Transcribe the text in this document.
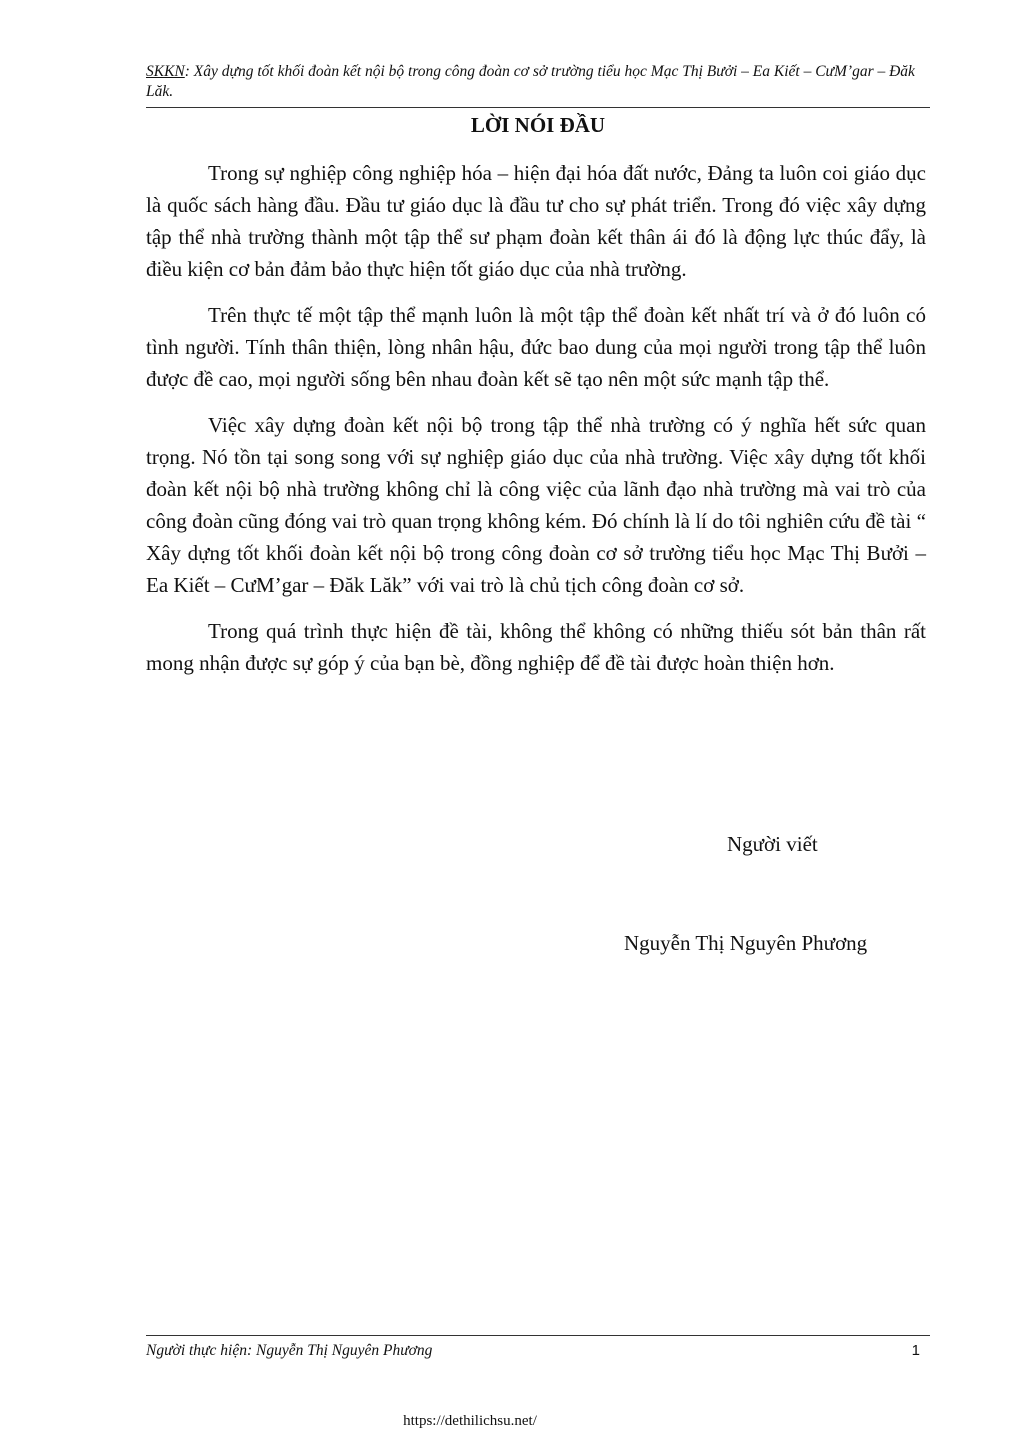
SKKN: Xây dựng tốt khối đoàn kết nội bộ trong công đoàn cơ sở trường tiểu học Mạc Thị Bưởi – Ea Kiết – CưM’gar – Đăk Lăk.
LỜI NÓI ĐẦU

Trong sự nghiệp công nghiệp hóa – hiện đại hóa đất nước, Đảng ta luôn coi giáo dục là quốc sách hàng đầu. Đầu tư giáo dục là đầu tư cho sự phát triển. Trong đó việc xây dựng tập thể nhà trường thành một tập thể sư phạm đoàn kết thân ái đó là động lực thúc đẩy, là điều kiện cơ bản đảm bảo thực hiện tốt giáo dục của nhà trường.

Trên thực tế một tập thể mạnh luôn là một tập thể đoàn kết nhất trí và ở đó luôn có tình người. Tính thân thiện, lòng nhân hậu, đức bao dung của mọi người trong tập thể luôn được đề cao, mọi người sống bên nhau đoàn kết sẽ tạo nên một sức mạnh tập thể.

Việc xây dựng đoàn kết nội bộ trong tập thể nhà trường có ý nghĩa hết sức quan trọng. Nó tồn tại song song với sự nghiệp giáo dục của nhà trường. Việc xây dựng tốt khối đoàn kết nội bộ nhà trường không chỉ là công việc của lãnh đạo nhà trường mà vai trò của công đoàn cũng đóng vai trò quan trọng không kém. Đó chính là lí do tôi nghiên cứu đề tài “ Xây dựng tốt khối đoàn kết nội bộ trong công đoàn cơ sở trường tiểu học Mạc Thị Bưởi – Ea Kiết – CưM’gar – Đăk Lăk” với vai trò là chủ tịch công đoàn cơ sở.

Trong quá trình thực hiện đề tài, không thể không có những thiếu sót bản thân rất mong nhận được sự góp ý của bạn bè, đồng nghiệp để đề tài được hoàn thiện hơn.

Người viết
Nguyễn Thị Nguyên Phương
Người thực hiện: Nguyễn Thị Nguyên Phương	1
https://dethilichsu.net/
